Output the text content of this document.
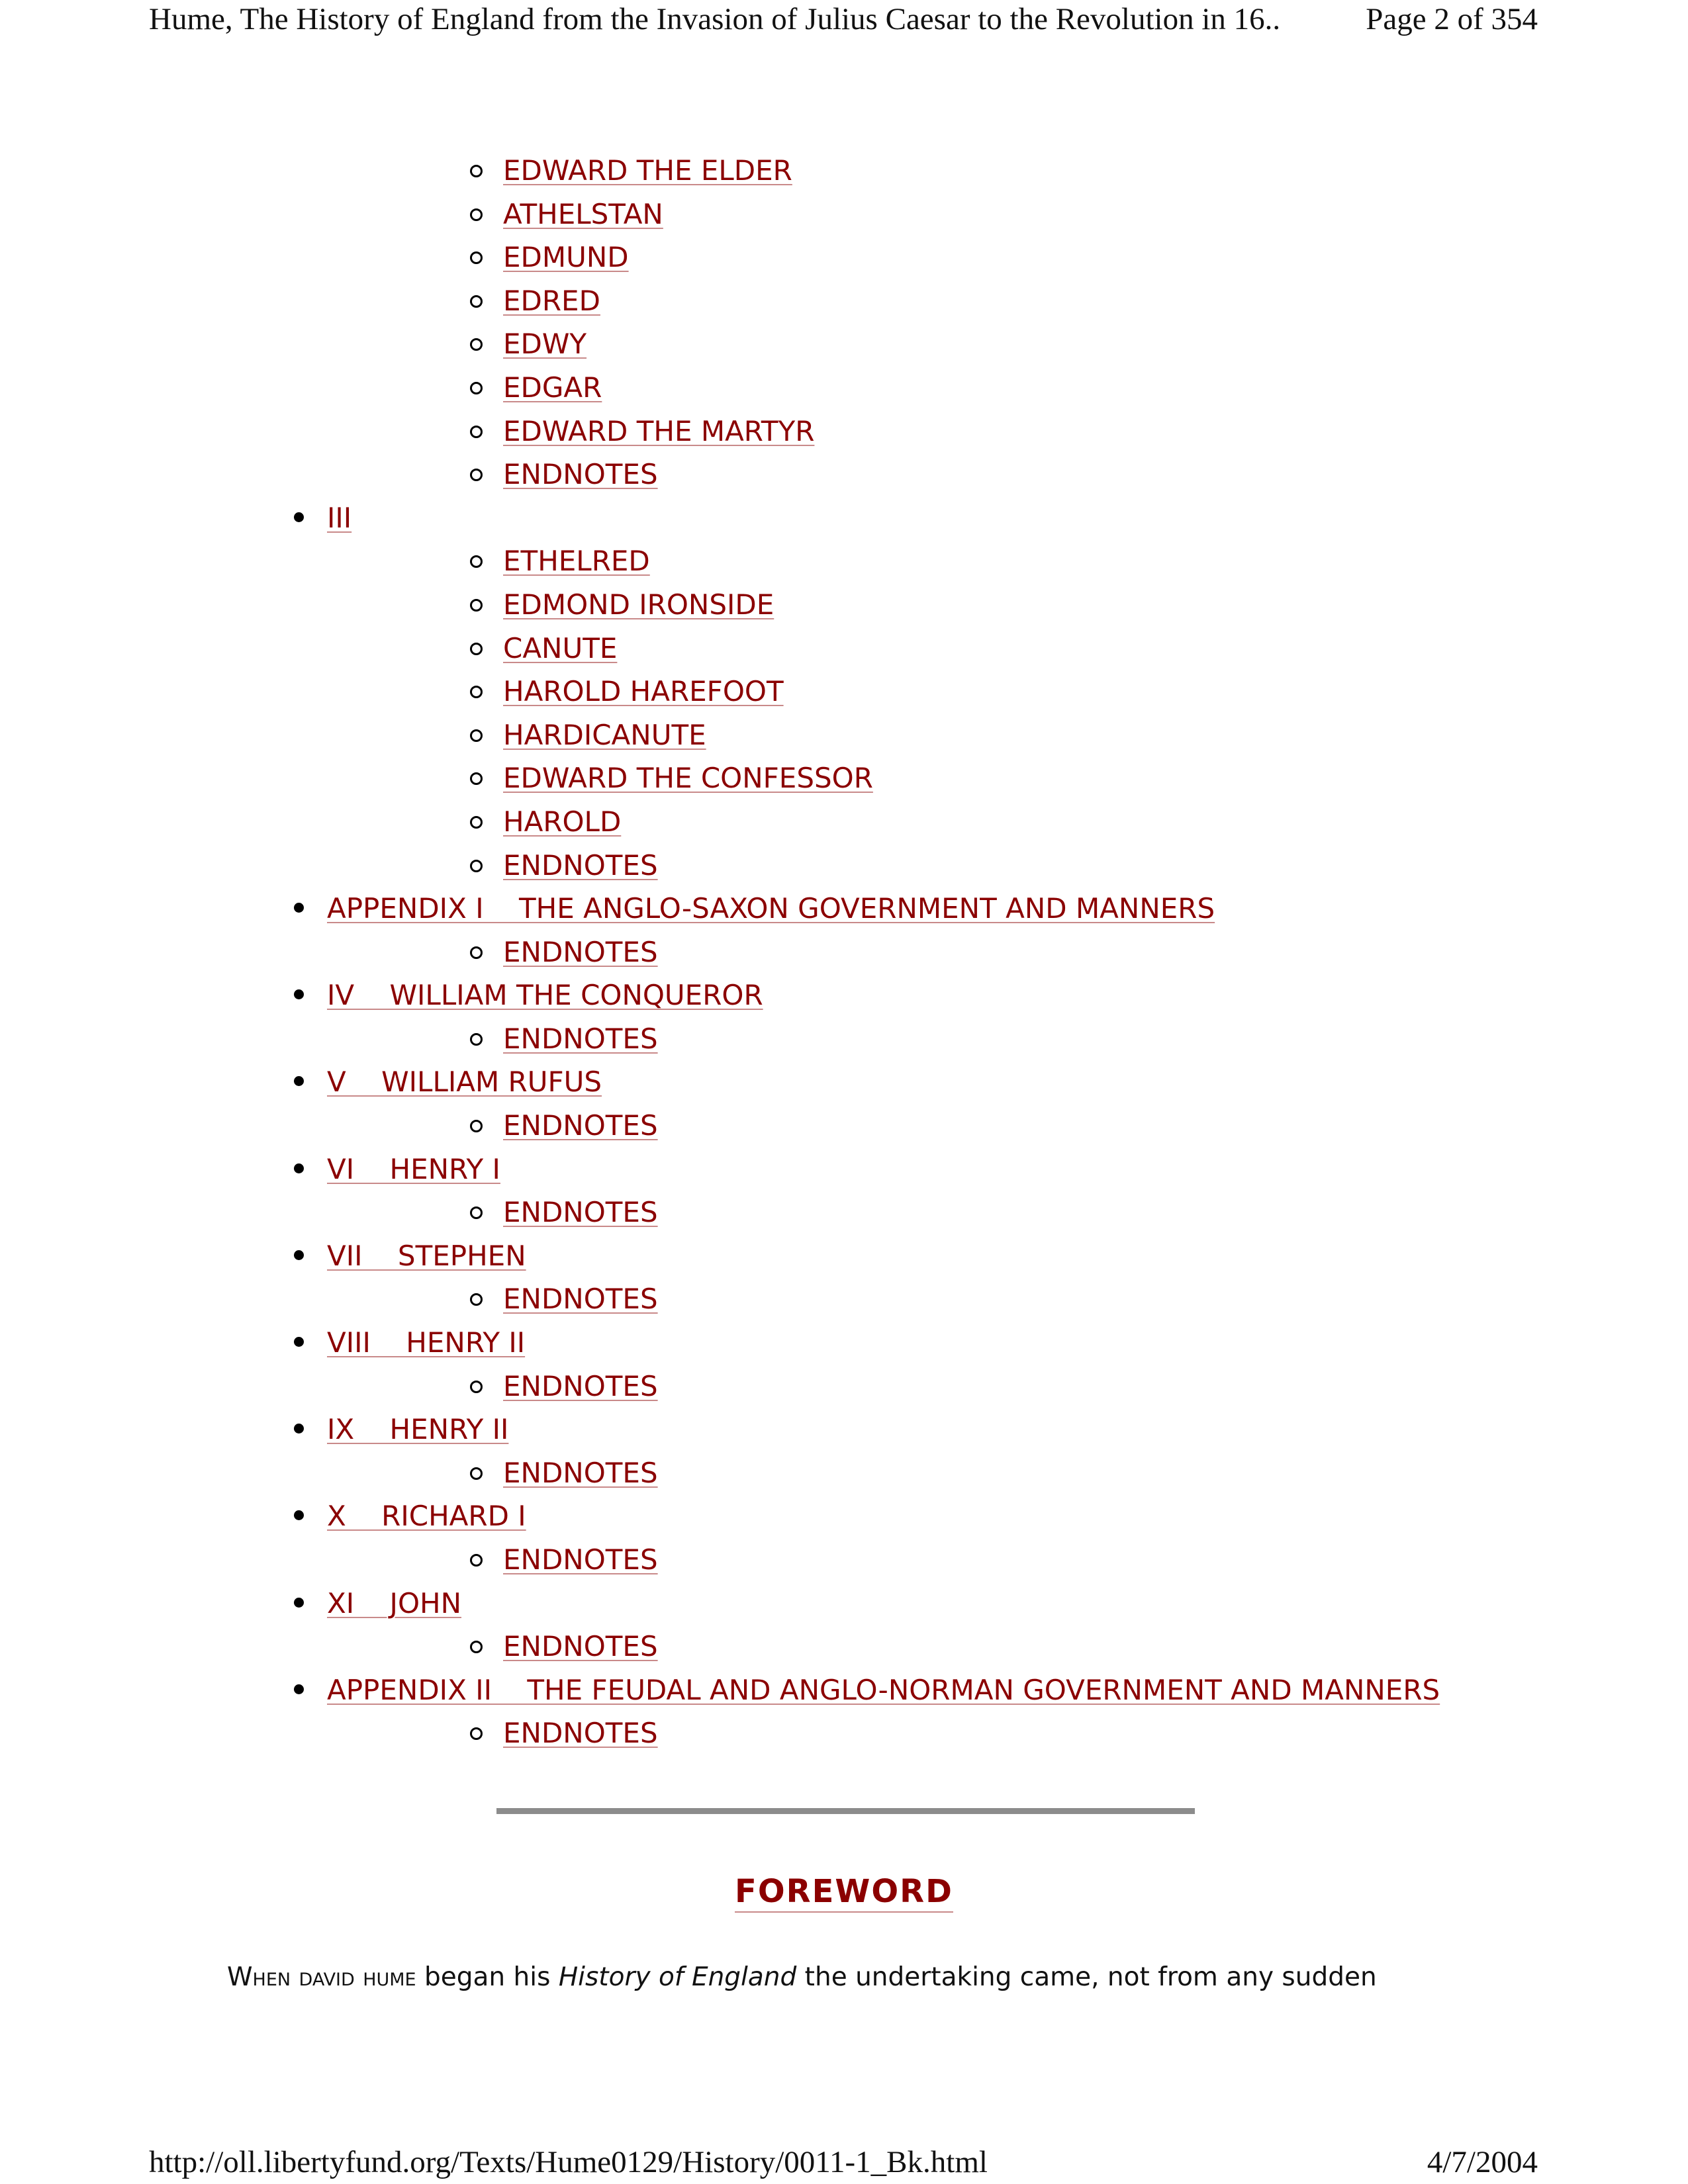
Hume, The History of England from the Invasion of Julius Caesar to the Revolution in 16..	Page 2 of 354
EDWARD THE ELDER
ATHELSTAN
EDMUND
EDRED
EDWY
EDGAR
EDWARD THE MARTYR
ENDNOTES
III
ETHELRED
EDMOND IRONSIDE
CANUTE
HAROLD HAREFOOT
HARDICANUTE
EDWARD THE CONFESSOR
HAROLD
ENDNOTES
APPENDIX I    THE ANGLO-SAXON GOVERNMENT AND MANNERS
ENDNOTES
IV    WILLIAM THE CONQUEROR
ENDNOTES
V    WILLIAM RUFUS
ENDNOTES
VI    HENRY I
ENDNOTES
VII    STEPHEN
ENDNOTES
VIII    HENRY II
ENDNOTES
IX    HENRY II
ENDNOTES
X    RICHARD I
ENDNOTES
XI    JOHN
ENDNOTES
APPENDIX II    THE FEUDAL AND ANGLO-NORMAN GOVERNMENT AND MANNERS
ENDNOTES
FOREWORD
When david hume began his History of England the undertaking came, not from any sudden
http://oll.libertyfund.org/Texts/Hume0129/History/0011-1_Bk.html	4/7/2004
